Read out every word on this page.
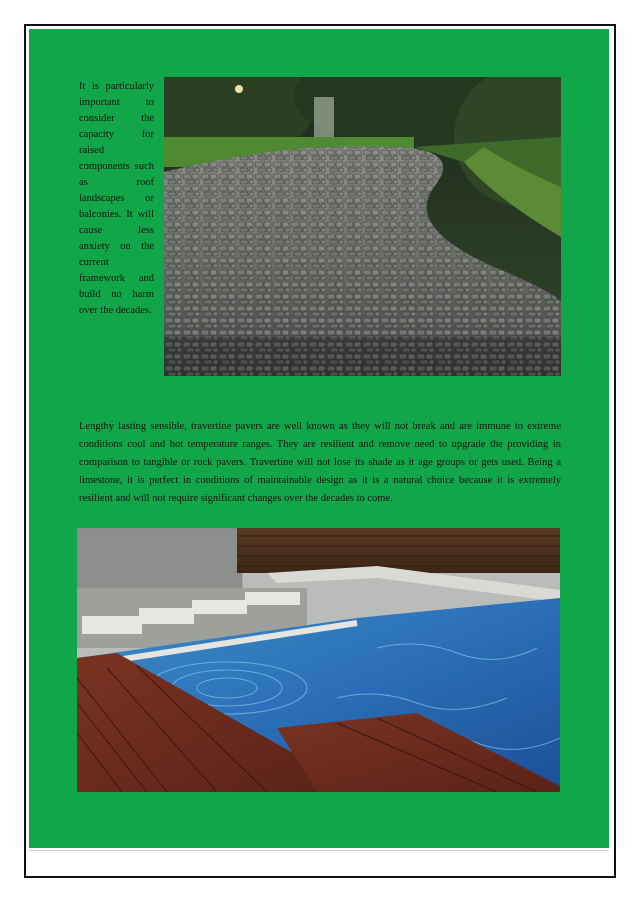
It is particularly important to consider the capacity for raised components such as roof landscapes or balconies. It will cause less anxiety on the current framework and build no harm over the decades.

Lengthy lasting sensible, travertine pavers are well known as they will not break and are immune to extreme conditions cool and hot temperature ranges. They are resilient and remove need to upgrade the providing in comparison to tangible or rock pavers. Travertine will not lose its shade as it age groups or gets used. Being a limestone, it is perfect in conditions of maintainable design as it is a natural choice because it is extremely resilient and will not require significant changes over the decades to come.
